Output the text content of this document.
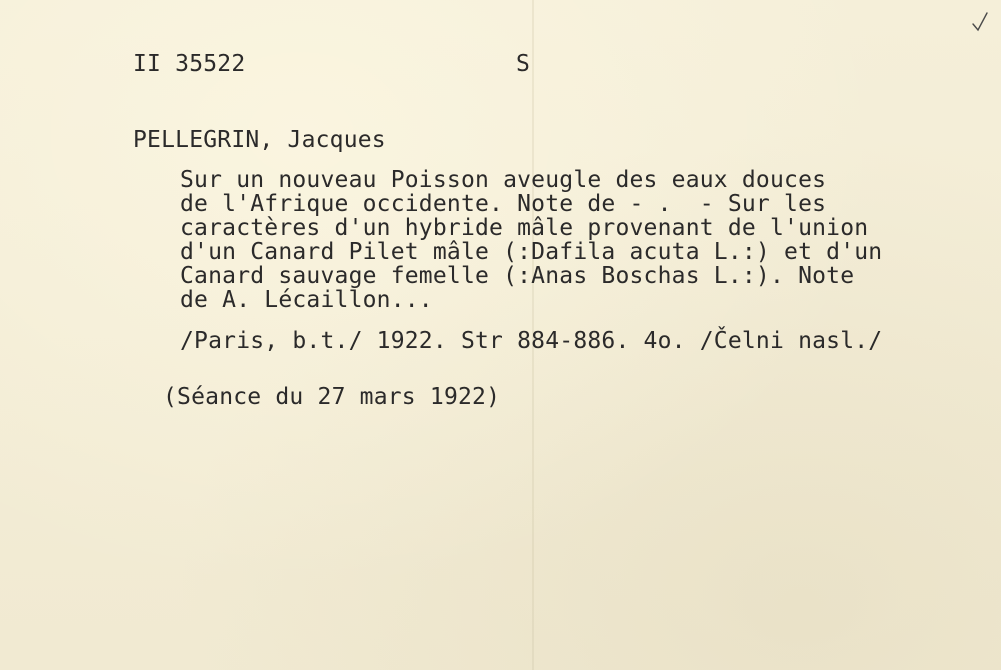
II 35522	S
PELLEGRIN, Jacques
Sur un nouveau Poisson aveugle des eaux douces
de l'Afrique occidente. Note de - .  - Sur les
caractères d'un hybride mâle provenant de l'union
d'un Canard Pilet mâle (:Dafila acuta L.:) et d'un
Canard sauvage femelle (:Anas Boschas L.:). Note
de A. Lécaillon...
/Paris, b.t./ 1922. Str 884-886. 4o. /Čelni nasl./
(Séance du 27 mars 1922)
